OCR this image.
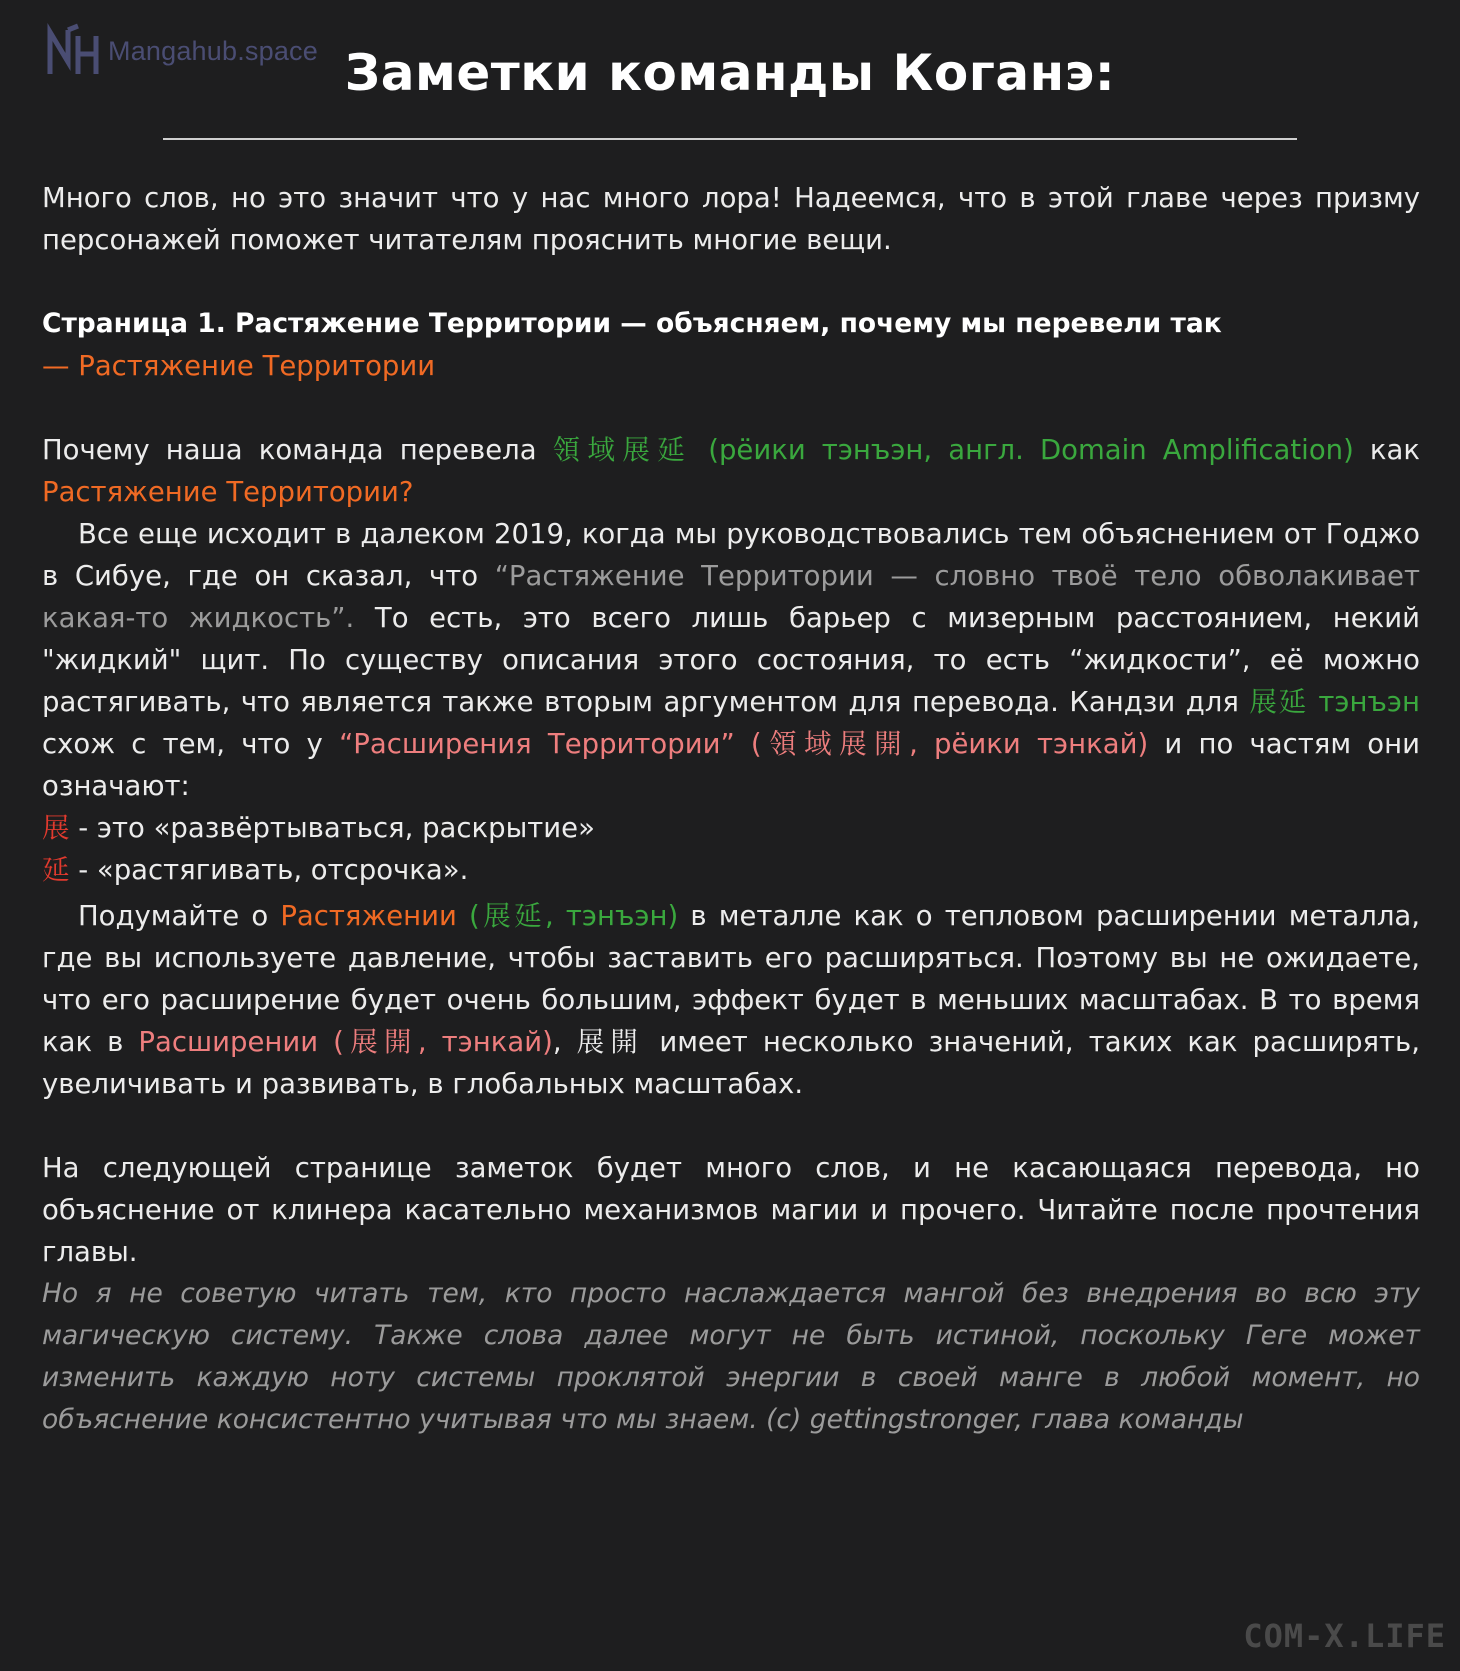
Mangahub.space Заметки команды Коганэ:

Много слов, но это значит что у нас много лора! Надеемся, что в этой главе через призму персонажей поможет читателям прояснить многие вещи.

Страница 1. Растяжение Территории — объясняем, почему мы перевели так

— Растяжение Территории

Почему наша команда перевела 領域展延 (рёики тэнъэн, англ. Domain Amplification) как Растяжение Территории?

Все еще исходит в далеком 2019, когда мы руководствовались тем объяснением от Годжо в Сибуе, где он сказал, что “Растяжение Территории — словно твоё тело обволакивает какая-то жидкость”. То есть, это всего лишь барьер с мизерным расстоянием, некий "жидкий" щит. По существу описания этого состояния, то есть “жидкости”, её можно растягивать, что является также вторым аргументом для перевода. Кандзи для 展延 тэнъэн схож с тем, что у “Расширения Территории” (領域展開, рёики тэнкай) и по частям они означают:

展 - это «развёртываться, раскрытие»

延 - «растягивать, отсрочка».

Подумайте о Растяжении (展延, тэнъэн) в металле как о тепловом расширении металла, где вы используете давление, чтобы заставить его расширяться. Поэтому вы не ожидаете, что его расширение будет очень большим, эффект будет в меньших масштабах. В то время как в Расширении (展開, тэнкай), 展開 имеет несколько значений, таких как расширять, увеличивать и развивать, в глобальных масштабах.

На следующей странице заметок будет много слов, и не касающаяся перевода, но объяснение от клинера касательно механизмов магии и прочего. Читайте после прочтения главы.

Но я не советую читать тем, кто просто наслаждается мангой без внедрения во всю эту магическую систему. Также слова далее могут не быть истиной, поскольку Геге может изменить каждую ноту системы проклятой энергии в своей манге в любой момент, но объяснение консистентно учитывая что мы знаем. (c) gettingstronger, глава команды

COM-X.LIFE
